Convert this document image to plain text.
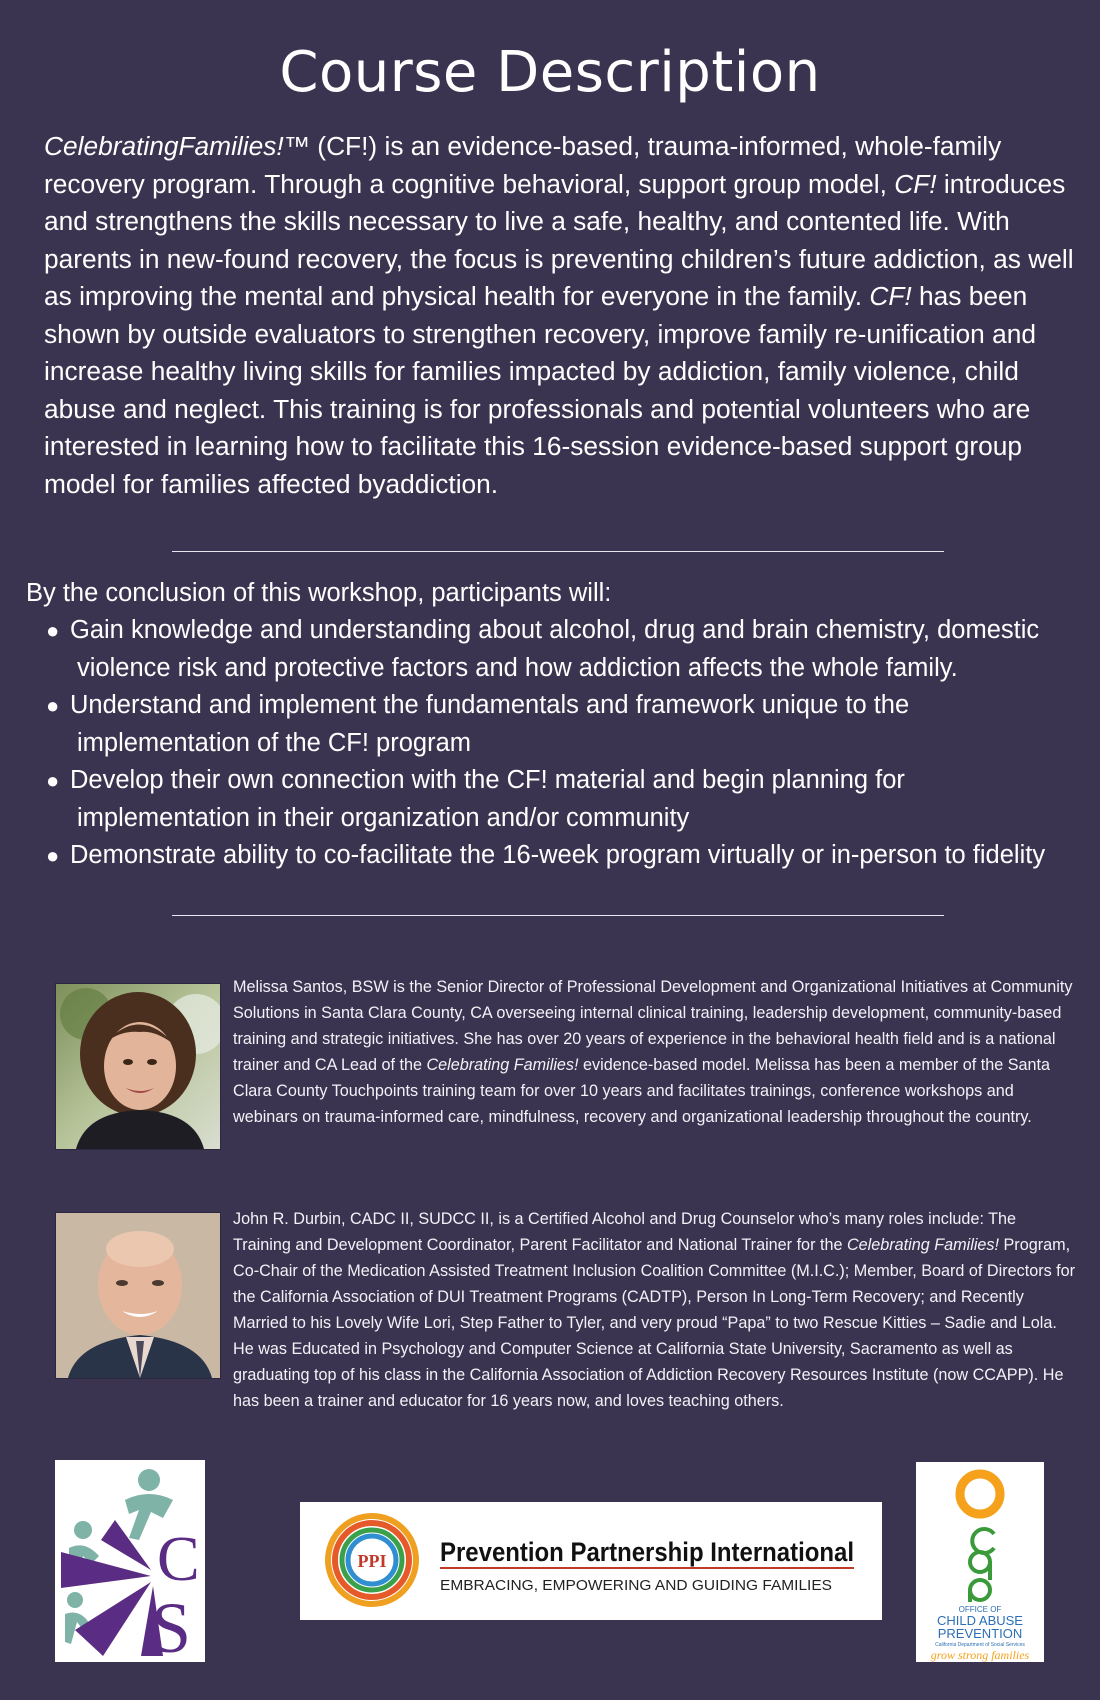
Course Description
CelebratingFamilies!™ (CF!) is an evidence-based, trauma-informed, whole-family recovery program. Through a cognitive behavioral, support group model, CF! introduces and strengthens the skills necessary to live a safe, healthy, and contented life. With parents in new-found recovery, the focus is preventing children’s future addiction, as well as improving the mental and physical health for everyone in the family. CF! has been shown by outside evaluators to strengthen recovery, improve family re-unification and increase healthy living skills for families impacted by addiction, family violence, child abuse and neglect. This training is for professionals and potential volunteers who are interested in learning how to facilitate this 16-session evidence-based support group model for families affected byaddiction.
By the conclusion of this workshop, participants will:
● Gain knowledge and understanding about alcohol, drug and brain chemistry, domestic
violence risk and protective factors and how addiction affects the whole family.
● Understand and implement the fundamentals and framework unique to the
implementation of the CF! program
● Develop their own connection with the CF! material and begin planning for
implementation in their organization and/or community
● Demonstrate ability to co-facilitate the 16-week program virtually or in-person to fidelity
Melissa Santos, BSW is the Senior Director of Professional Development and Organizational Initiatives at Community Solutions in Santa Clara County, CA overseeing internal clinical training, leadership development, community-based training and strategic initiatives. She has over 20 years of experience in the behavioral health field and is a national trainer and CA Lead of the Celebrating Families! evidence-based model. Melissa has been a member of the Santa Clara County Touchpoints training team for over 10 years and facilitates trainings, conference workshops and webinars on trauma-informed care, mindfulness, recovery and organizational leadership throughout the country.
John R. Durbin, CADC II, SUDCC II, is a Certified Alcohol and Drug Counselor who’s many roles include: The Training and Development Coordinator, Parent Facilitator and National Trainer for the Celebrating Families! Program, Co-Chair of the Medication Assisted Treatment Inclusion Coalition Committee (M.I.C.); Member, Board of Directors for the California Association of DUI Treatment Programs (CADTP), Person In Long-Term Recovery; and Recently Married to his Lovely Wife Lori, Step Father to Tyler, and very proud “Papa” to two Rescue Kitties – Sadie and Lola. He was Educated in Psychology and Computer Science at California State University, Sacramento as well as graduating top of his class in the California Association of Addiction Recovery Resources Institute (now CCAPP). He has been a trainer and educator for 16 years now, and loves teaching others.
C
S
PPI Prevention Partnership International
EMBRACING, EMPOWERING AND GUIDING FAMILIES
OFFICE OF
CHILD ABUSE
PREVENTION
California Department of Social Services
grow strong families
